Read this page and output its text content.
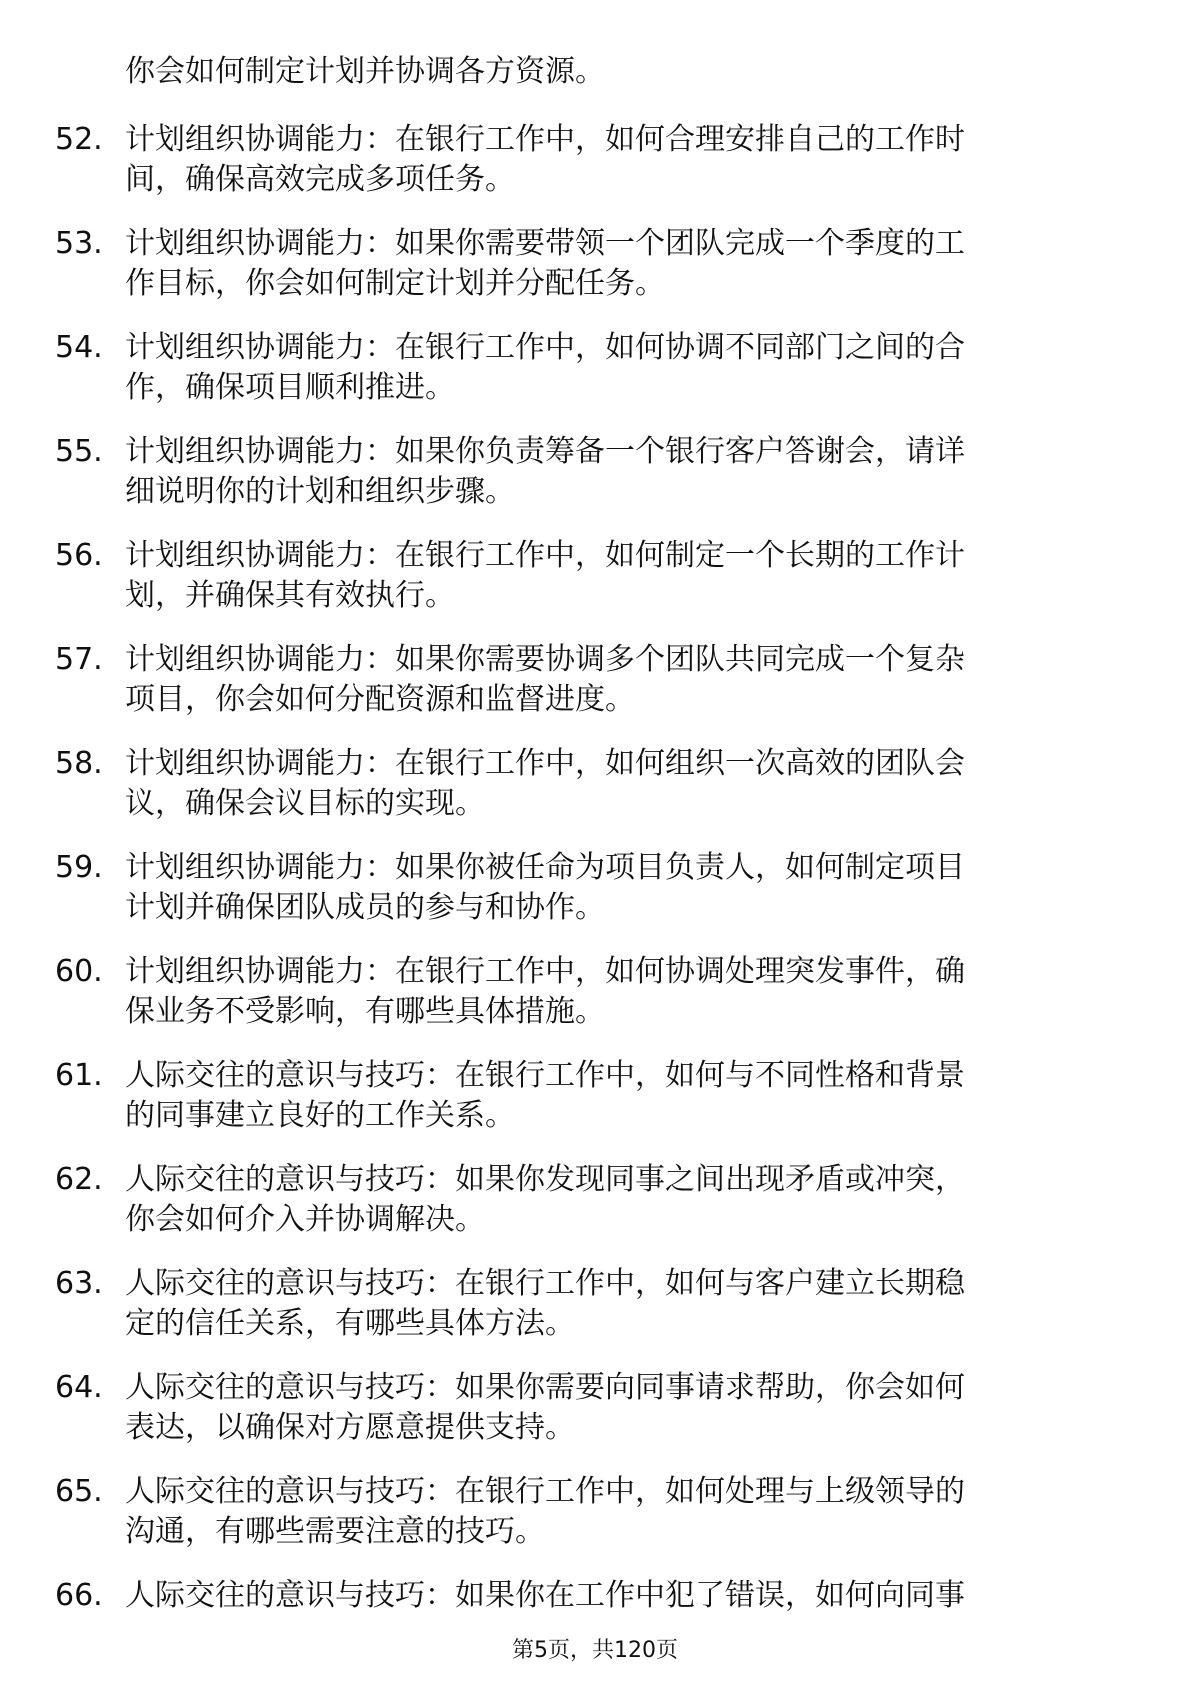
你会如何制定计划并协调各方资源。

52. 计划组织协调能力：在银行工作中，如何合理安排自己的工作时
间，确保高效完成多项任务。
53. 计划组织协调能力：如果你需要带领一个团队完成一个季度的工
作目标，你会如何制定计划并分配任务。
54. 计划组织协调能力：在银行工作中，如何协调不同部门之间的合
作，确保项目顺利推进。
55. 计划组织协调能力：如果你负责筹备一个银行客户答谢会，请详
细说明你的计划和组织步骤。
56. 计划组织协调能力：在银行工作中，如何制定一个长期的工作计
划，并确保其有效执行。
57. 计划组织协调能力：如果你需要协调多个团队共同完成一个复杂
项目，你会如何分配资源和监督进度。
58. 计划组织协调能力：在银行工作中，如何组织一次高效的团队会
议，确保会议目标的实现。
59. 计划组织协调能力：如果你被任命为项目负责人，如何制定项目
计划并确保团队成员的参与和协作。
60. 计划组织协调能力：在银行工作中，如何协调处理突发事件，确
保业务不受影响，有哪些具体措施。
61. 人际交往的意识与技巧：在银行工作中，如何与不同性格和背景
的同事建立良好的工作关系。
62. 人际交往的意识与技巧：如果你发现同事之间出现矛盾或冲突，
你会如何介入并协调解决。
63. 人际交往的意识与技巧：在银行工作中，如何与客户建立长期稳
定的信任关系，有哪些具体方法。
64. 人际交往的意识与技巧：如果你需要向同事请求帮助，你会如何
表达，以确保对方愿意提供支持。
65. 人际交往的意识与技巧：在银行工作中，如何处理与上级领导的
沟通，有哪些需要注意的技巧。
66. 人际交往的意识与技巧：如果你在工作中犯了错误，如何向同事
第5页，共120页
